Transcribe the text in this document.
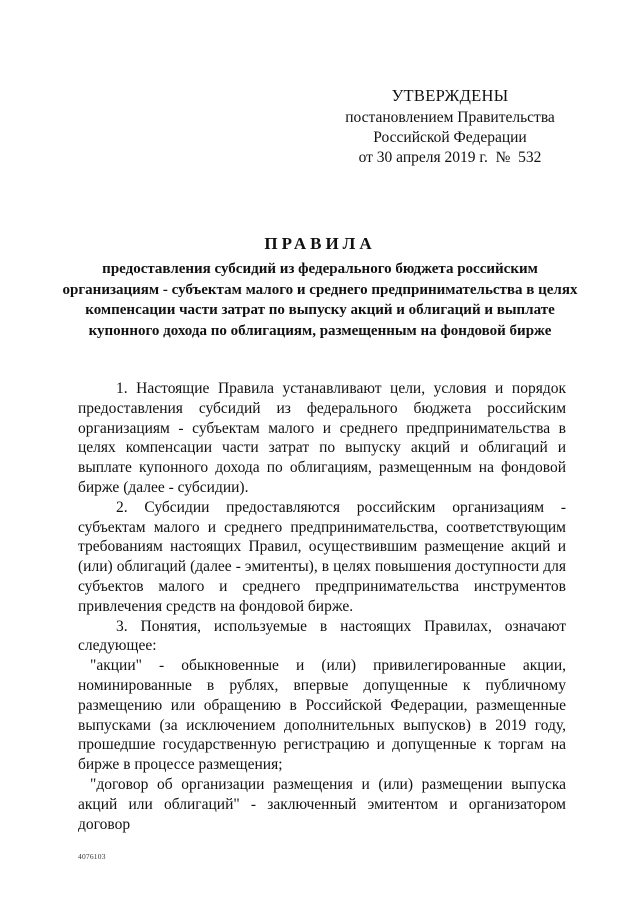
УТВЕРЖДЕНЫ
постановлением Правительства
Российской Федерации
от 30 апреля 2019 г.  №  532
ПРАВИЛА
предоставления субсидий из федерального бюджета российским организациям - субъектам малого и среднего предпринимательства в целях компенсации части затрат по выпуску акций и облигаций и выплате купонного дохода по облигациям, размещенным на фондовой бирже

1. Настоящие Правила устанавливают цели, условия и порядок предоставления субсидий из федерального бюджета российским организациям - субъектам малого и среднего предпринимательства в целях компенсации части затрат по выпуску акций и облигаций и выплате купонного дохода по облигациям, размещенным на фондовой бирже (далее - субсидии).

2. Субсидии предоставляются российским организациям - субъектам малого и среднего предпринимательства, соответствующим требованиям настоящих Правил, осуществившим размещение акций и (или) облигаций (далее - эмитенты), в целях повышения доступности для субъектов малого и среднего предпринимательства инструментов привлечения средств на фондовой бирже.

3. Понятия, используемые в настоящих Правилах, означают следующее:

"акции" - обыкновенные и (или) привилегированные акции, номинированные в рублях, впервые допущенные к публичному размещению или обращению в Российской Федерации, размещенные выпусками (за исключением дополнительных выпусков) в 2019 году, прошедшие государственную регистрацию и допущенные к торгам на бирже в процессе размещения;

"договор об организации размещения и (или) размещении выпуска акций или облигаций" - заключенный эмитентом и организатором договор

4076103
